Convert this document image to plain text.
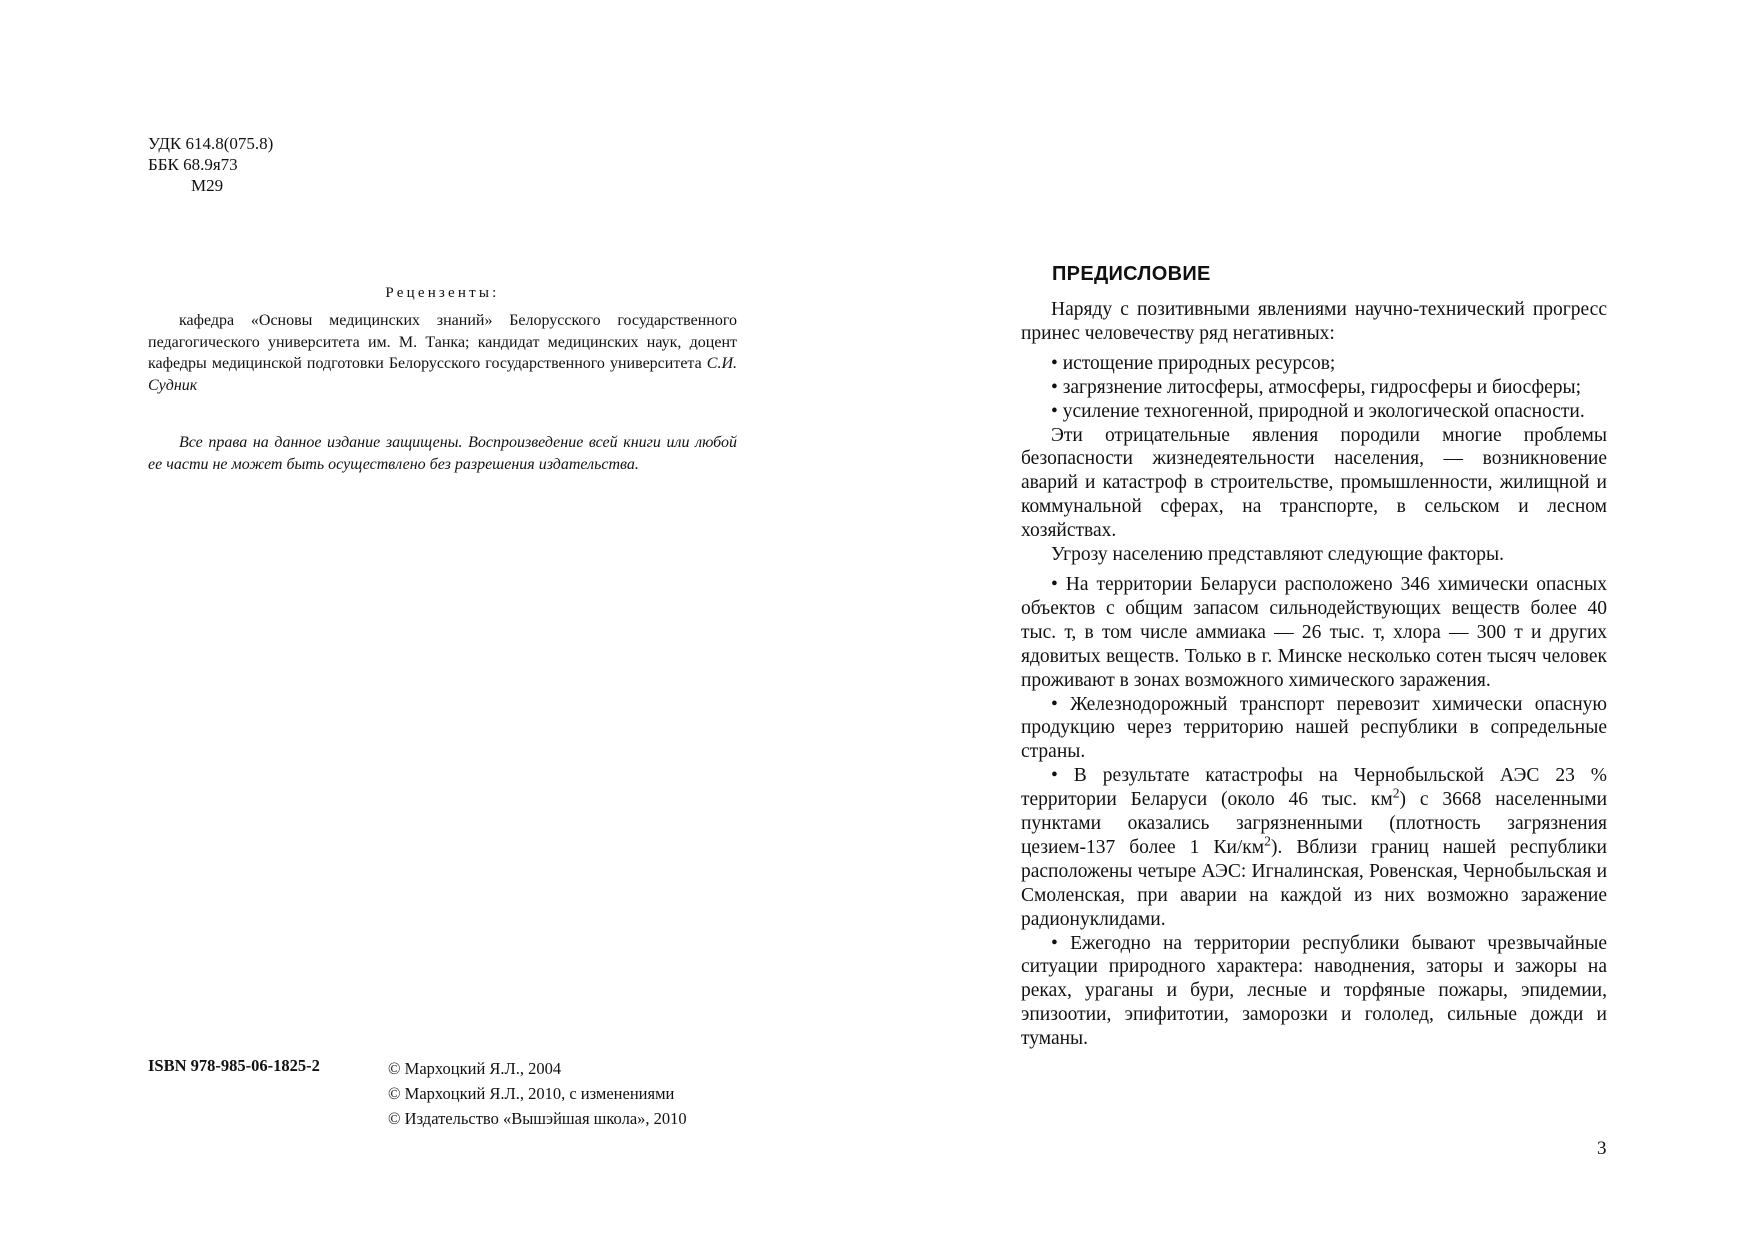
УДК 614.8(075.8)
ББК 68.9я73
М29
Рецензенты:
кафедра «Основы медицинских знаний» Белорусского государственного педагогического университета им. М. Танка; кандидат медицинских наук, доцент кафедры медицинской подготовки Белорусского государственного университета С.И. Судник
Все права на данное издание защищены. Воспроизведение всей книги или любой ее части не может быть осуществлено без разрешения издательства.
ISBN 978-985-06-1825-2	© Мархоцкий Я.Л., 2004
© Мархоцкий Я.Л., 2010, с изменениями
© Издательство «Вышэйшая школа», 2010
ПРЕДИСЛОВИЕ

Наряду с позитивными явлениями научно-технический прогресс принес человечеству ряд негативных:

• истощение природных ресурсов;

• загрязнение литосферы, атмосферы, гидросферы и биосферы;

• усиление техногенной, природной и экологической опасности.

Эти отрицательные явления породили многие проблемы безопасности жизнедеятельности населения, — возникновение аварий и катастроф в строительстве, промышленности, жилищной и коммунальной сферах, на транспорте, в сельском и лесном хозяйствах.

Угрозу населению представляют следующие факторы.

• На территории Беларуси расположено 346 химически опасных объектов с общим запасом сильнодействующих веществ более 40 тыс. т, в том числе аммиака — 26 тыс. т, хлора — 300 т и других ядовитых веществ. Только в г. Минске несколько сотен тысяч человек проживают в зонах возможного химического заражения.

• Железнодорожный транспорт перевозит химически опасную продукцию через территорию нашей республики в сопредельные страны.

• В результате катастрофы на Чернобыльской АЭС 23 % территории Беларуси (около 46 тыс. $км^2$) с 3668 населенными пунктами оказались загрязненными (плотность загрязнения цезием-137 более 1 $Ки/км^2$). Вблизи границ нашей республики расположены четыре АЭС: Игналинская, Ровенская, Чернобыльская и Смоленская, при аварии на каждой из них возможно заражение радионуклидами.

• Ежегодно на территории республики бывают чрезвычайные ситуации природного характера: наводнения, заторы и зажоры на реках, ураганы и бури, лесные и торфяные пожары, эпидемии, эпизоотии, эпифитотии, заморозки и гололед, сильные дожди и туманы.

3
